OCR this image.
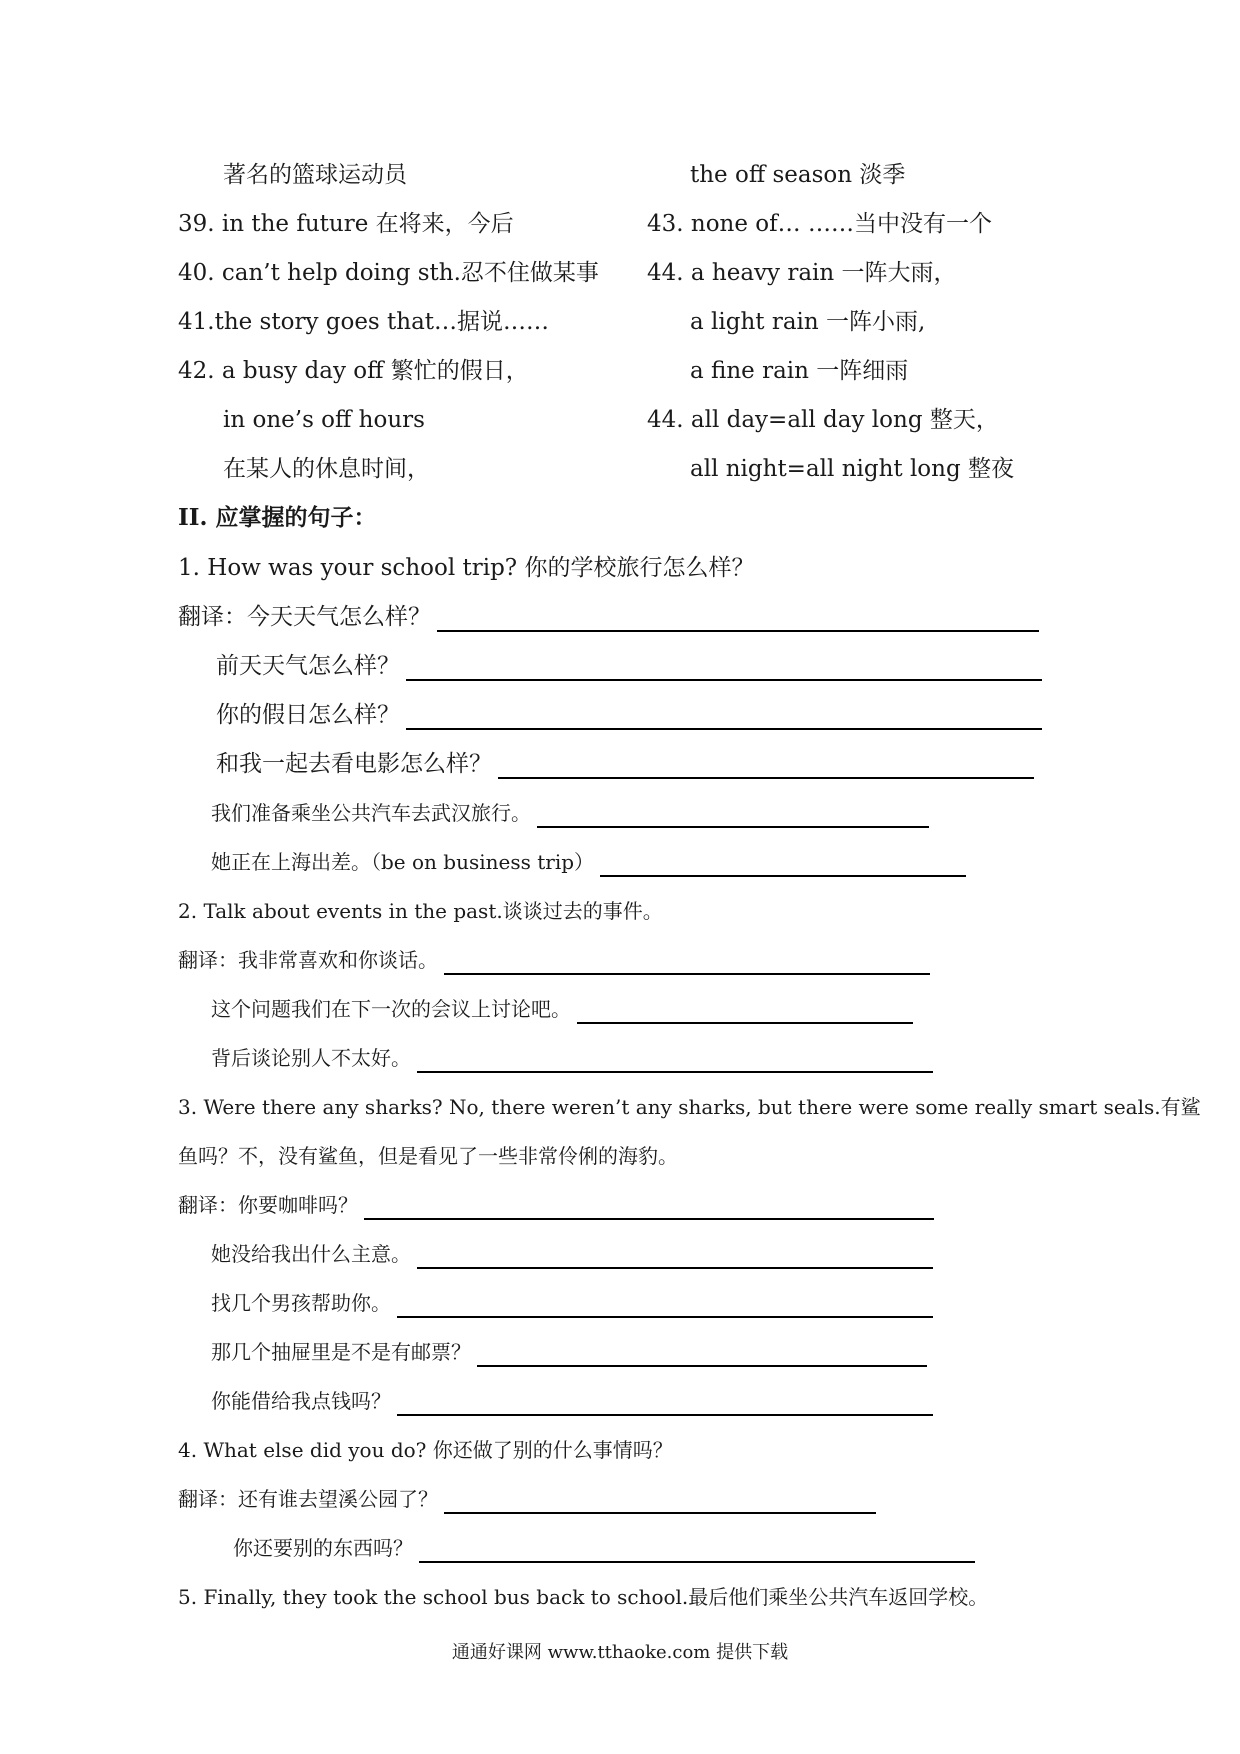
著名的篮球运动员
39. in the future 在将来，今后
40. can’t help doing sth.忍不住做某事
41.the story goes that…据说……
42. a busy day off 繁忙的假日，
in one’s off hours
在某人的休息时间，
the off season 淡季
43. none of… ……当中没有一个
44. a heavy rain 一阵大雨，
a light rain 一阵小雨,
a fine rain 一阵细雨
44. all day=all day long 整天，
all night=all night long 整夜
II. 应掌握的句子：
1. How was your school trip? 你的学校旅行怎么样？
翻译：今天天气怎么样？
前天天气怎么样？
你的假日怎么样？
和我一起去看电影怎么样？
我们准备乘坐公共汽车去武汉旅行。
她正在上海出差。（be on business trip）
2. Talk about events in the past.谈谈过去的事件。
翻译：我非常喜欢和你谈话。
这个问题我们在下一次的会议上讨论吧。
背后谈论别人不太好。
3. Were there any sharks? No, there weren’t any sharks, but there were some really smart seals.有鲨
鱼吗？不，没有鲨鱼，但是看见了一些非常伶俐的海豹。
翻译：你要咖啡吗？
她没给我出什么主意。
找几个男孩帮助你。
那几个抽屉里是不是有邮票？
你能借给我点钱吗？
4. What else did you do? 你还做了别的什么事情吗？
翻译：还有谁去望溪公园了？
你还要别的东西吗？
5. Finally, they took the school bus back to school.最后他们乘坐公共汽车返回学校。
通通好课网 www.tthaoke.com 提供下载
